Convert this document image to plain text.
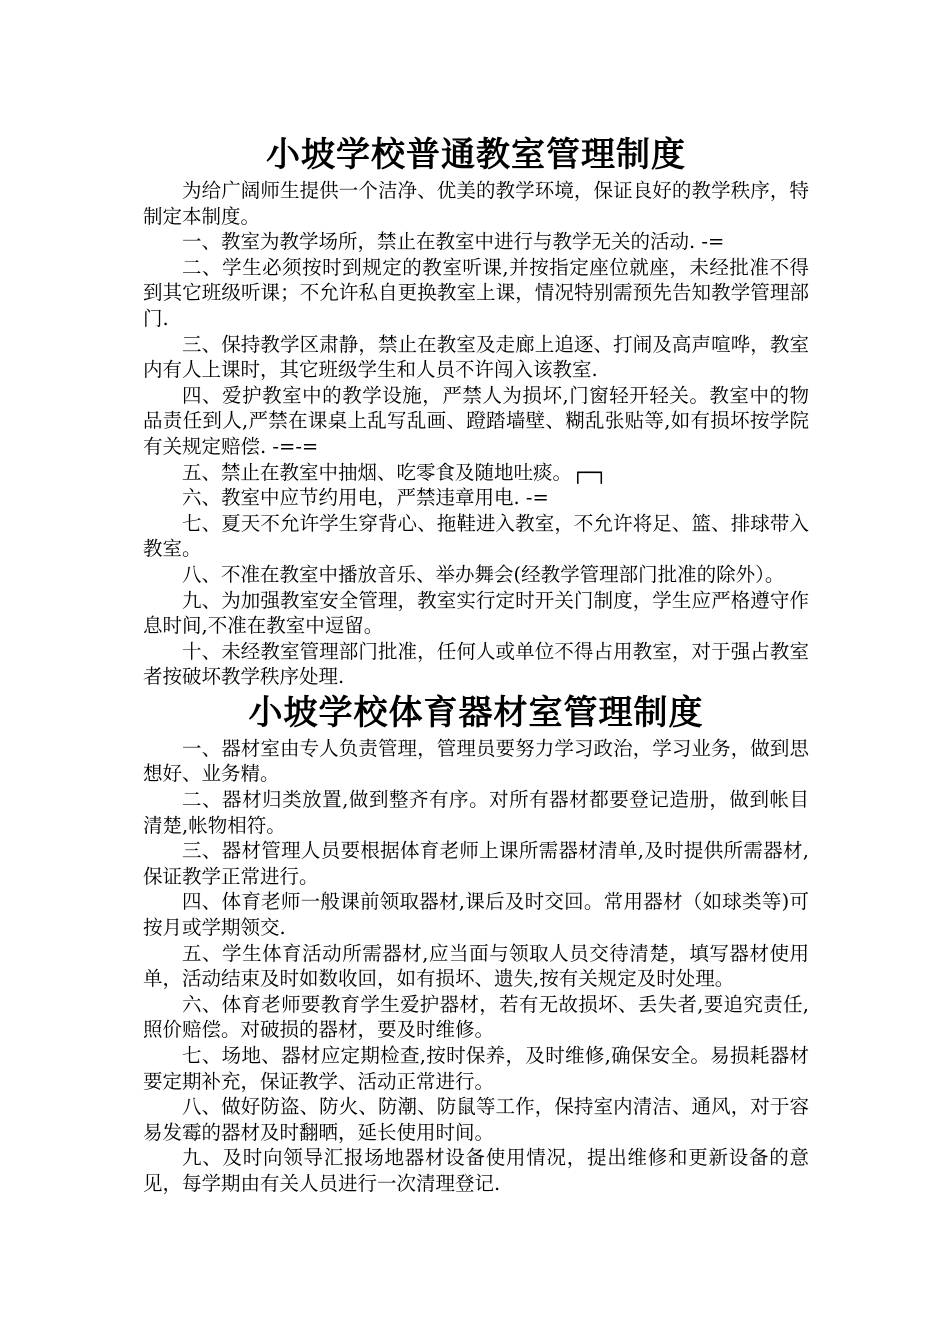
小坡学校普通教室管理制度

为给广阔师生提供一个洁净、优美的教学环境，保证良好的教学秩序，特制定本制度。

一、教室为教学场所，禁止在教室中进行与教学无关的活动. -=

二、学生必须按时到规定的教室听课,并按指定座位就座，未经批准不得到其它班级听课；不允许私自更换教室上课，情况特别需预先告知教学管理部门.

三、保持教学区肃静，禁止在教室及走廊上追逐、打闹及高声喧哗，教室内有人上课时，其它班级学生和人员不许闯入该教室.

四、爱护教室中的教学设施，严禁人为损坏,门窗轻开轻关。教室中的物品责任到人,严禁在课桌上乱写乱画、蹬踏墙壁、糊乱张贴等,如有损坏按学院有关规定赔偿. -=-=

五、禁止在教室中抽烟、吃零食及随地吐痰。┌─┐

六、教室中应节约用电，严禁违章用电. -=

七、夏天不允许学生穿背心、拖鞋进入教室，不允许将足、篮、排球带入教室。

八、不准在教室中播放音乐、举办舞会(经教学管理部门批准的除外）。

九、为加强教室安全管理，教室实行定时开关门制度，学生应严格遵守作息时间,不准在教室中逗留。

十、未经教室管理部门批准，任何人或单位不得占用教室，对于强占教室者按破坏教学秩序处理.

小坡学校体育器材室管理制度

一、器材室由专人负责管理，管理员要努力学习政治，学习业务，做到思想好、业务精。

二、器材归类放置,做到整齐有序。对所有器材都要登记造册，做到帐目清楚,帐物相符。

三、器材管理人员要根据体育老师上课所需器材清单,及时提供所需器材,保证教学正常进行。

四、体育老师一般课前领取器材,课后及时交回。常用器材（如球类等)可按月或学期领交.

五、学生体育活动所需器材,应当面与领取人员交待清楚，填写器材使用单，活动结束及时如数收回，如有损坏、遗失,按有关规定及时处理。

六、体育老师要教育学生爱护器材，若有无故损坏、丢失者,要追究责任,照价赔偿。对破损的器材，要及时维修。

七、场地、器材应定期检查,按时保养，及时维修,确保安全。易损耗器材要定期补充，保证教学、活动正常进行。

八、做好防盗、防火、防潮、防鼠等工作，保持室内清洁、通风，对于容易发霉的器材及时翻晒，延长使用时间。

九、及时向领导汇报场地器材设备使用情况，提出维修和更新设备的意见，每学期由有关人员进行一次清理登记.
